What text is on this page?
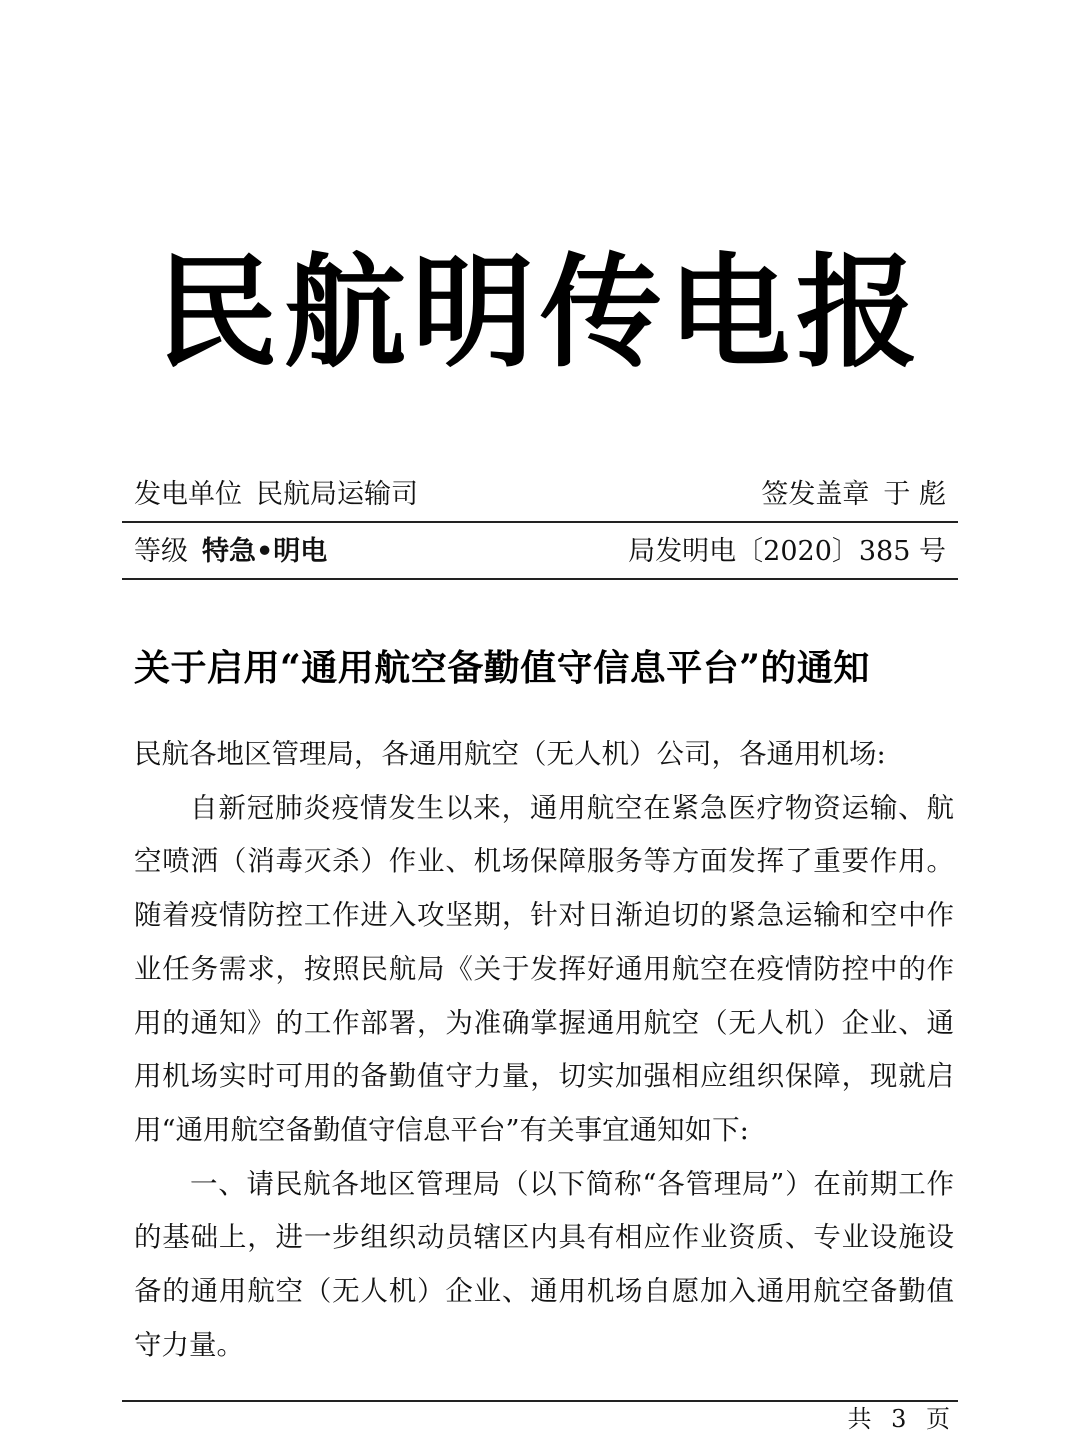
民航明传电报
发电单位 民航局运输司	签发盖章 于 彪
等级 特急•明电	局发明电〔2020〕385 号
关于启用“通用航空备勤值守信息平台”的通知

民航各地区管理局，各通用航空（无人机）公司，各通用机场:

自新冠肺炎疫情发生以来，通用航空在紧急医疗物资运输、航空喷洒（消毒灭杀）作业、机场保障服务等方面发挥了重要作用。随着疫情防控工作进入攻坚期，针对日渐迫切的紧急运输和空中作业任务需求，按照民航局《关于发挥好通用航空在疫情防控中的作用的通知》的工作部署，为准确掌握通用航空（无人机）企业、通用机场实时可用的备勤值守力量，切实加强相应组织保障，现就启用“通用航空备勤值守信息平台”有关事宜通知如下:

一、请民航各地区管理局（以下简称“各管理局”）在前期工作的基础上，进一步组织动员辖区内具有相应作业资质、专业设施设备的通用航空（无人机）企业、通用机场自愿加入通用航空备勤值守力量。

共 3 页
